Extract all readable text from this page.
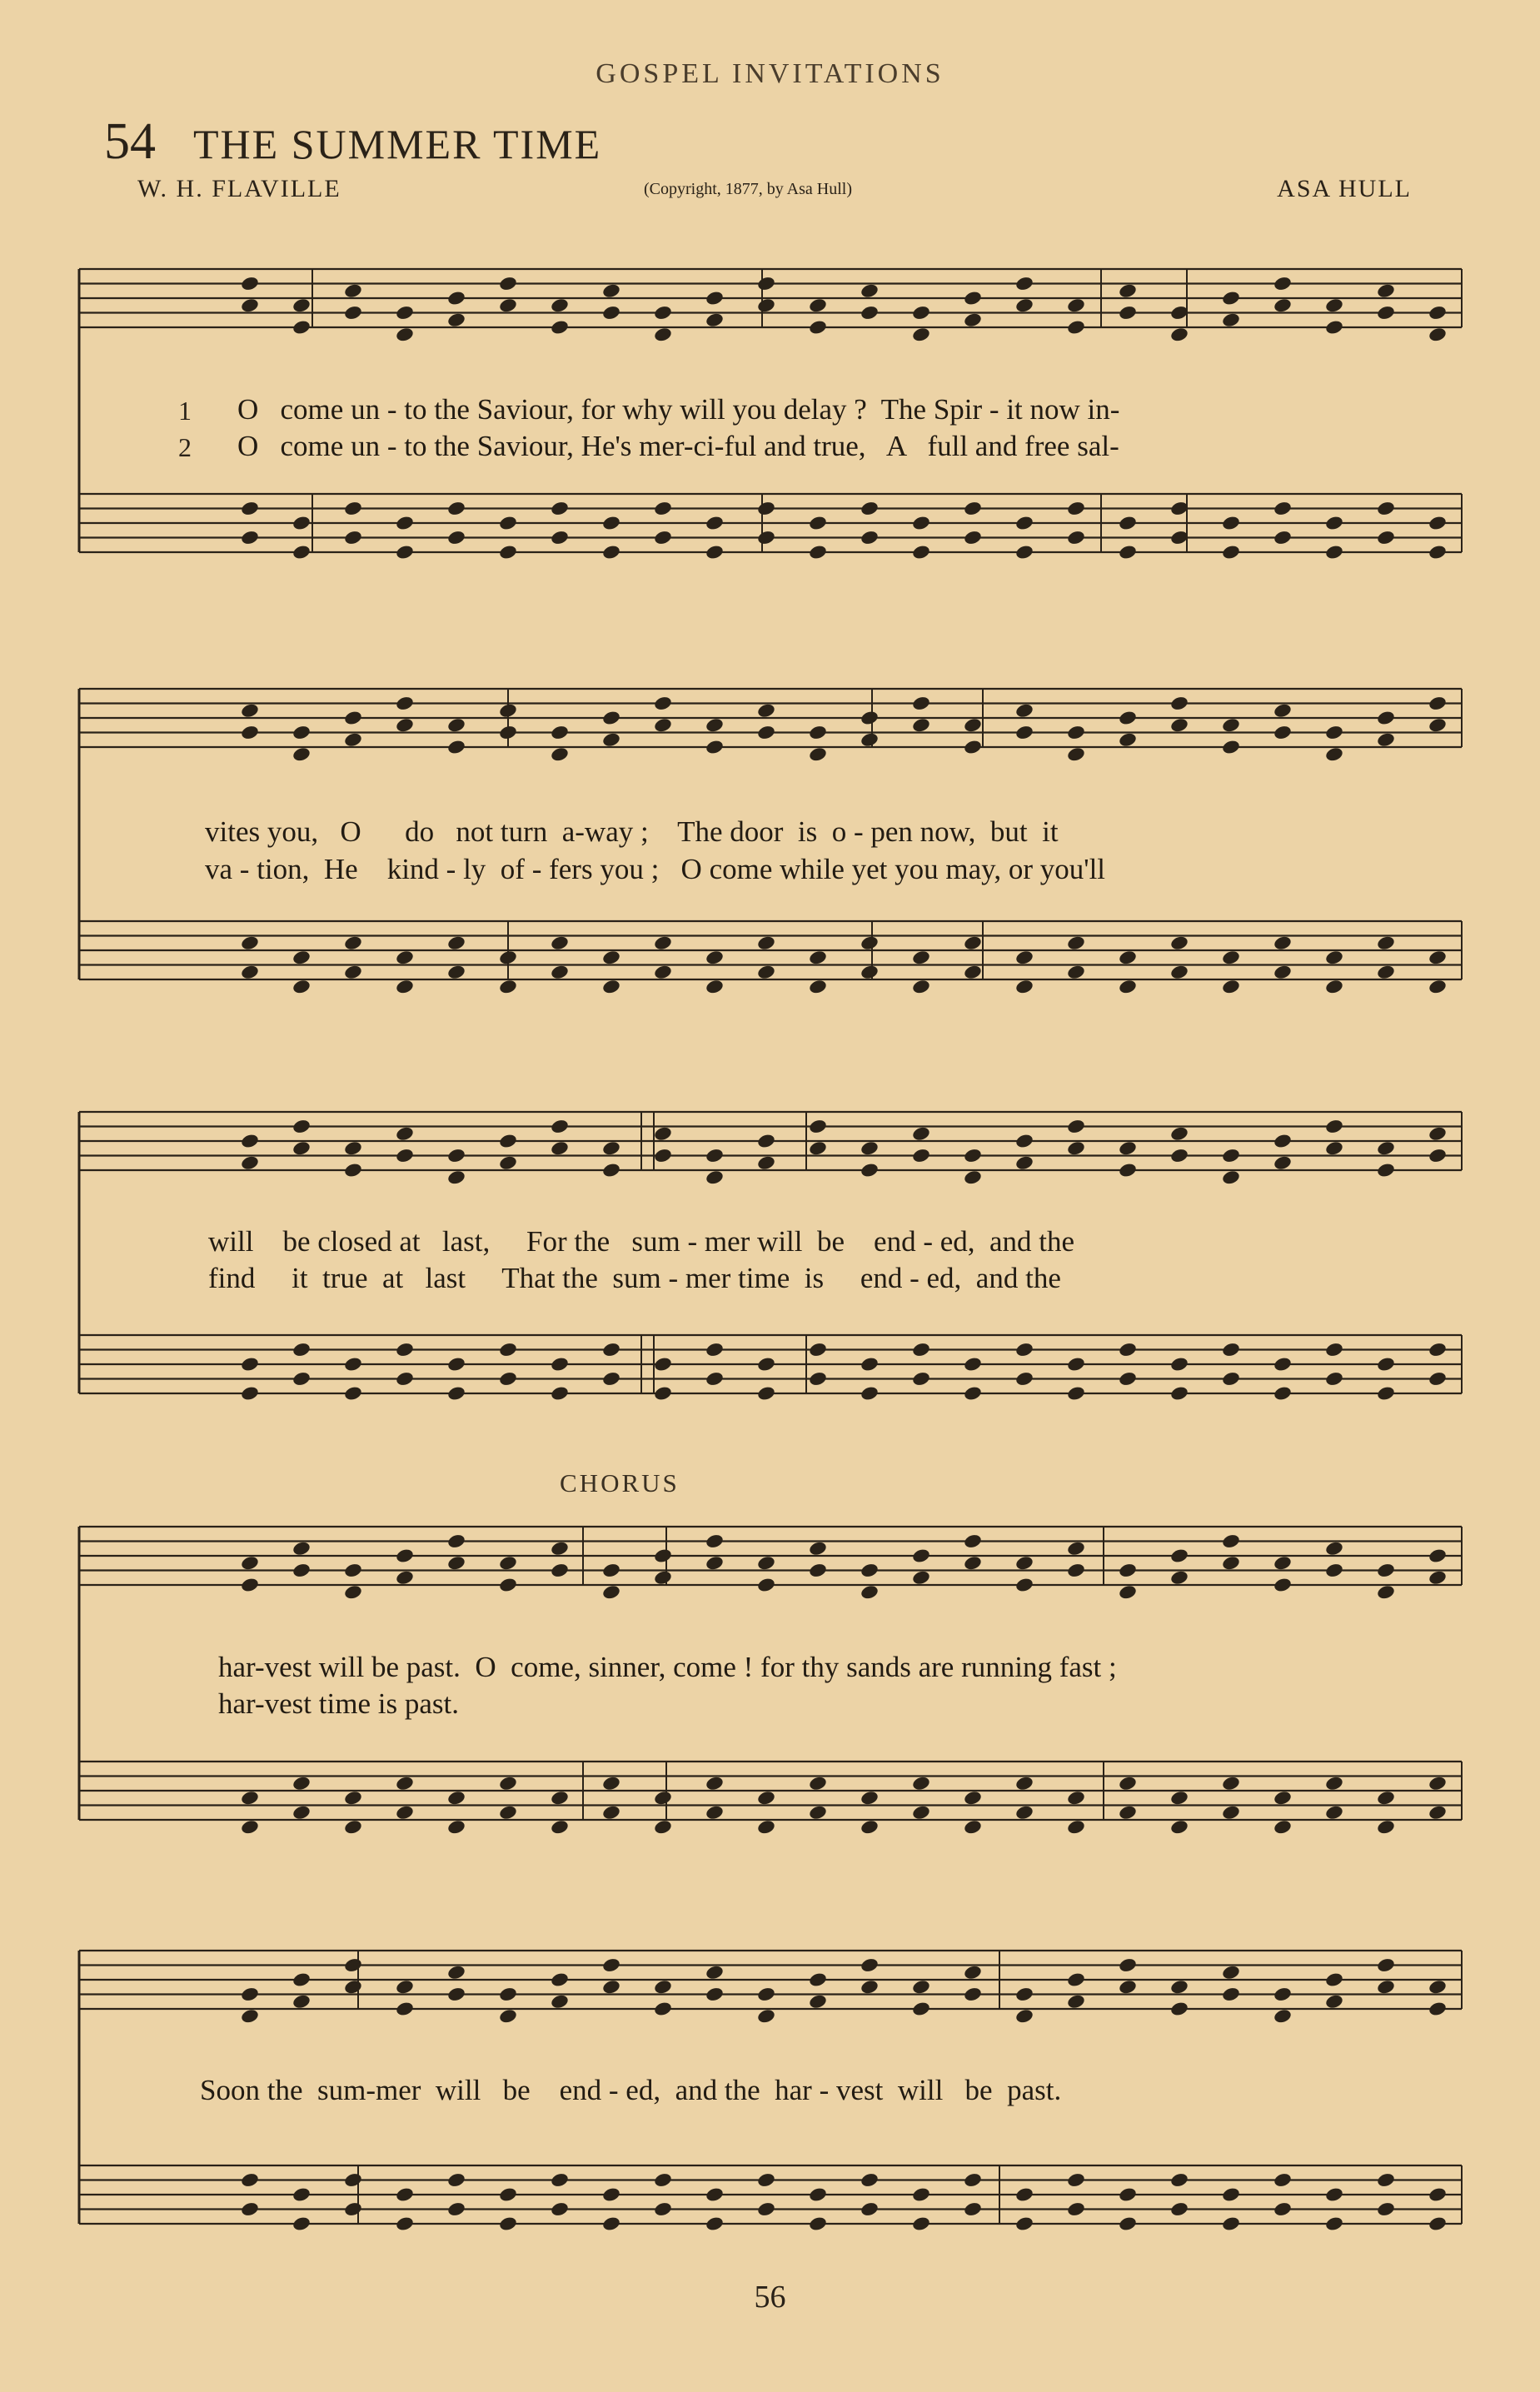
GOSPEL INVITATIONS
54 THE SUMMER TIME
W. H. FLAVILLE	(Copyright, 1877, by Asa Hull)	ASA HULL
1
2
O   come un - to the Saviour, for why will you delay ?  The Spir - it now in-
O   come un - to the Saviour, He's mer-ci-ful and true,   A   full and free sal-
vites you,   O      do   not turn  a-way ;    The door  is  o - pen now,  but  it
va - tion,  He    kind - ly  of - fers you ;   O come while yet you may, or you'll
will    be closed at   last,     For the   sum - mer will  be    end - ed,  and the
find     it  true  at   last     That the  sum - mer time  is     end - ed,  and the
CHORUS
har-vest will be past.  O  come, sinner, come ! for thy sands are running fast ;
har-vest time is past.
Soon the  sum-mer  will   be    end - ed,  and the  har - vest  will   be  past.
56
